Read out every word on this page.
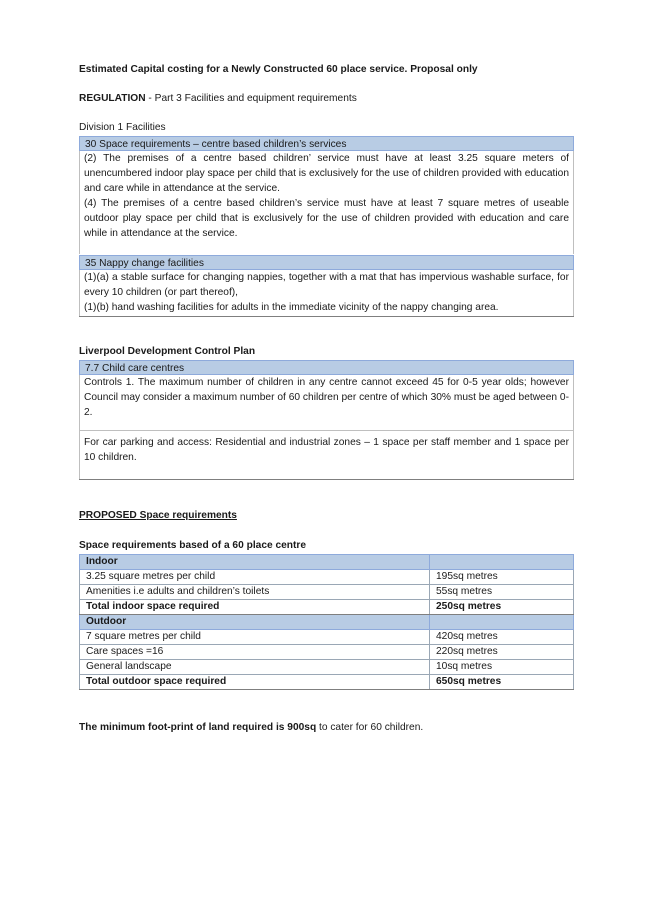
Estimated Capital costing for a Newly Constructed 60 place service. Proposal only
REGULATION - Part 3 Facilities and equipment requirements
Division 1 Facilities
30 Space requirements – centre based children’s services
(2) The premises of a centre based children’ service must have at least 3.25 square meters of unencumbered indoor play space per child that is exclusively for the use of children provided with education and care while in attendance at the service.
(4) The premises of a centre based children’s service must have at least 7 square metres of useable outdoor play space per child that is exclusively for the use of children provided with education and care while in attendance at the service.
35 Nappy change facilities
(1)(a) a stable surface for changing nappies, together with a mat that has impervious washable surface, for every 10 children (or part thereof),
(1)(b) hand washing facilities for adults in the immediate vicinity of the nappy changing area.
Liverpool Development Control Plan
7.7 Child care centres
Controls 1. The maximum number of children in any centre cannot exceed 45 for 0-5 year olds; however Council may consider a maximum number of 60 children per centre of which 30% must be aged between 0-2.
For car parking and access: Residential and industrial zones – 1 space per staff member and 1 space per 10 children.
PROPOSED Space requirements
Space requirements based of a 60 place centre
Indoor	
3.25 square metres per child	195sq metres
Amenities i.e adults and children’s toilets	55sq metres
Total indoor space required	250sq metres
Outdoor	
7 square metres per child	420sq metres
Care spaces =16	220sq metres
General landscape	10sq metres
Total outdoor space required	650sq metres
The minimum foot-print of land required is 900sq to cater for 60 children.
